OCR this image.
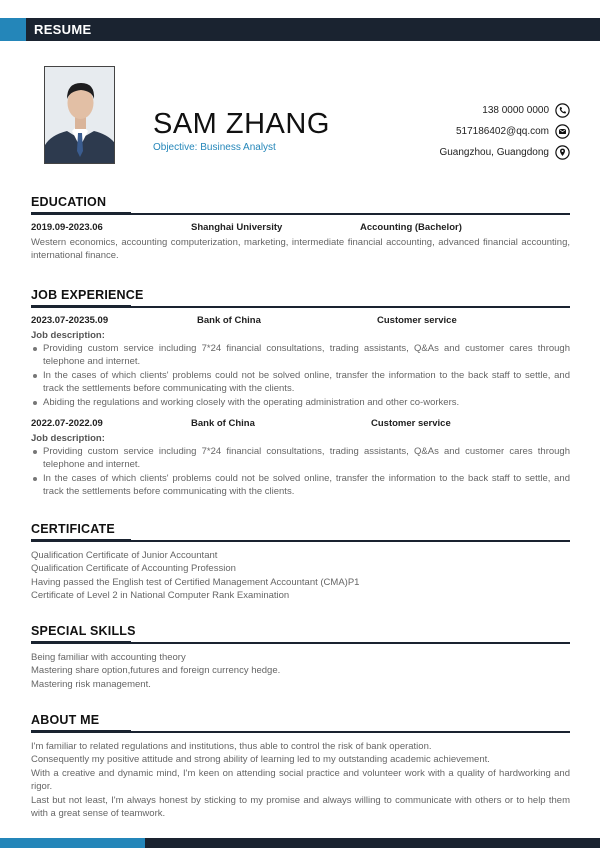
RESUME
SAM ZHANG
Objective: Business Analyst
138 0000 0000
517186402@qq.com
Guangzhou, Guangdong
EDUCATION
2019.09-2023.06	Shanghai University	Accounting (Bachelor)
Western economics, accounting computerization, marketing, intermediate financial accounting, advanced financial accounting, international finance.
JOB EXPERIENCE
2023.07-20235.09	Bank of China	Customer service
Job description:
Providing custom service including 7*24 financial consultations, trading assistants, Q&As and customer cares through telephone and internet.
In the cases of which clients' problems could not be solved online, transfer the information to the back staff to settle, and track the settlements before communicating with the clients.
Abiding the regulations and working closely with the operating administration and other co-workers.
2022.07-2022.09	Bank of China	Customer service
Job description:
Providing custom service including 7*24 financial consultations, trading assistants, Q&As and customer cares through telephone and internet.
In the cases of which clients' problems could not be solved online, transfer the information to the back staff to settle, and track the settlements before communicating with the clients.
CERTIFICATE
Qualification Certificate of Junior Accountant
Qualification Certificate of Accounting Profession
Having passed the English test of Certified Management Accountant (CMA)P1
Certificate of Level 2 in National Computer Rank Examination
SPECIAL SKILLS
Being familiar with accounting theory
Mastering share option,futures and foreign currency hedge.
Mastering risk management.
ABOUT ME
I'm familiar to related regulations and institutions, thus able to control the risk of bank operation.
Consequently my positive attitude and strong ability of learning led to my outstanding academic achievement.
With a creative and dynamic mind, I'm keen on attending social practice and volunteer work with a quality of hardworking and rigor.
Last but not least, I'm always honest by sticking to my promise and always willing to communicate with others or to help them with a great sense of teamwork.
